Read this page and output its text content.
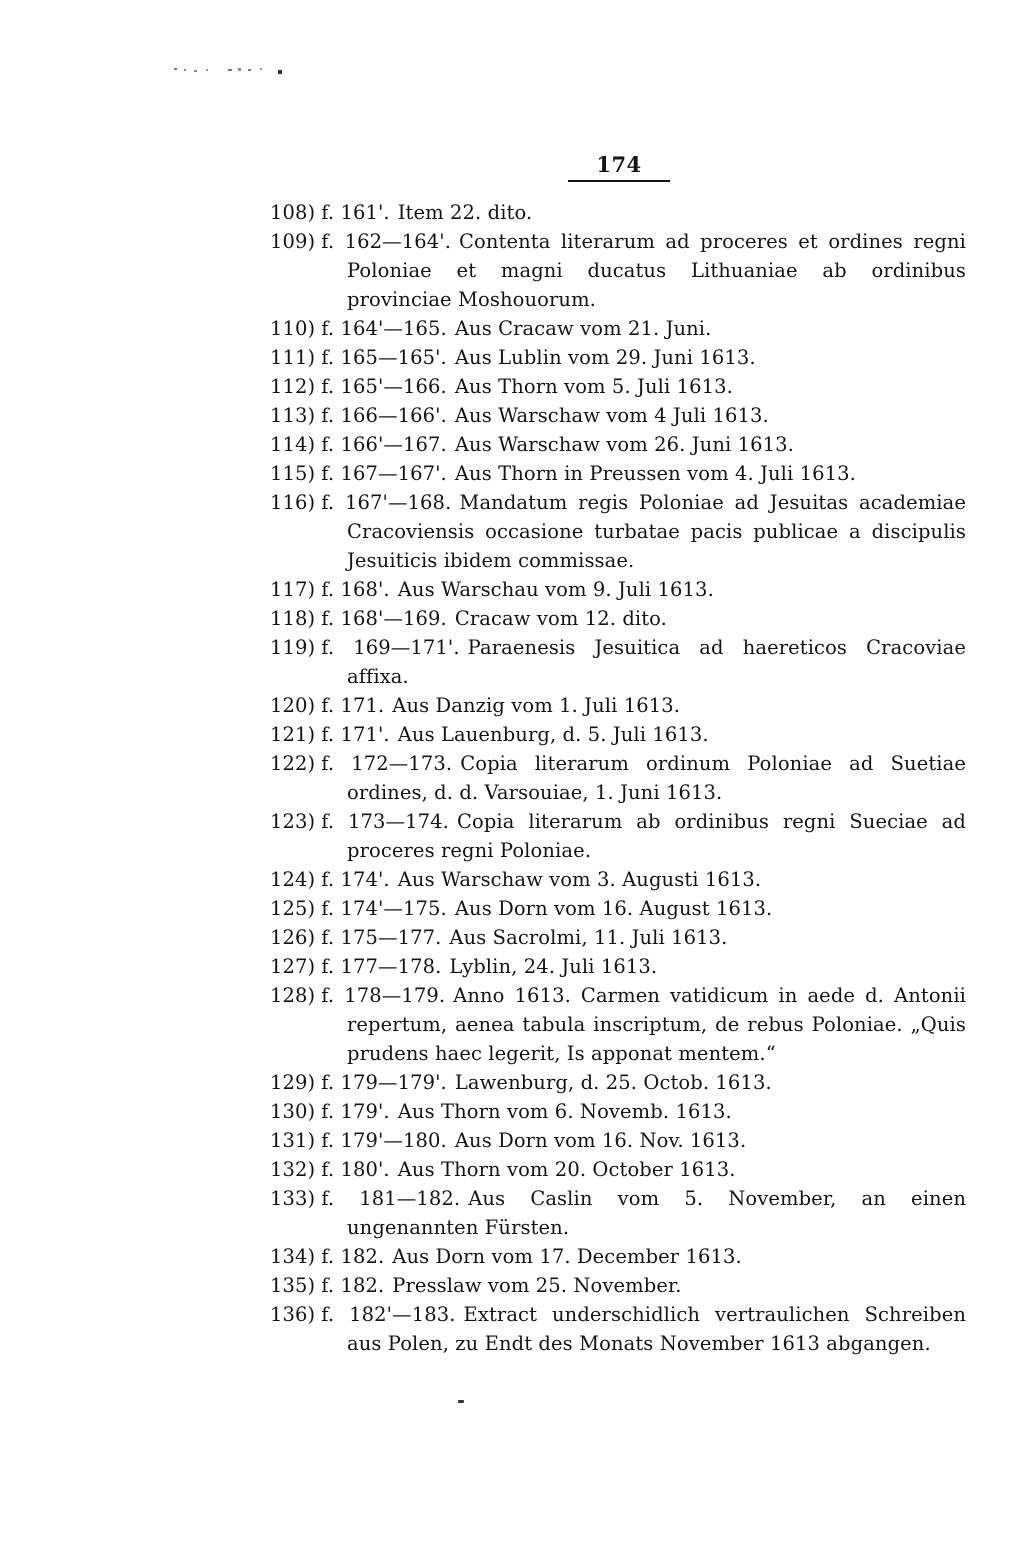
174
108) f. 161'. Item 22. dito.
109) f. 162—164'. Contenta literarum ad proceres et ordines regni Poloniae et magni ducatus Lithuaniae ab ordinibus provinciae Moshouorum.
110) f. 164'—165. Aus Cracaw vom 21. Juni.
111) f. 165—165'. Aus Lublin vom 29. Juni 1613.
112) f. 165'—166. Aus Thorn vom 5. Juli 1613.
113) f. 166—166'. Aus Warschaw vom 4 Juli 1613.
114) f. 166'—167. Aus Warschaw vom 26. Juni 1613.
115) f. 167—167'. Aus Thorn in Preussen vom 4. Juli 1613.
116) f. 167'—168. Mandatum regis Poloniae ad Jesuitas academiae Cracoviensis occasione turbatae pacis publicae a discipulis Jesuiticis ibidem commissae.
117) f. 168'. Aus Warschau vom 9. Juli 1613.
118) f. 168'—169. Cracaw vom 12. dito.
119) f. 169—171'. Paraenesis Jesuitica ad haereticos Cracoviae affixa.
120) f. 171. Aus Danzig vom 1. Juli 1613.
121) f. 171'. Aus Lauenburg, d. 5. Juli 1613.
122) f. 172—173. Copia literarum ordinum Poloniae ad Suetiae ordines, d. d. Varsouiae, 1. Juni 1613.
123) f. 173—174. Copia literarum ab ordinibus regni Sueciae ad proceres regni Poloniae.
124) f. 174'. Aus Warschaw vom 3. Augusti 1613.
125) f. 174'—175. Aus Dorn vom 16. August 1613.
126) f. 175—177. Aus Sacrolmi, 11. Juli 1613.
127) f. 177—178. Lyblin, 24. Juli 1613.
128) f. 178—179. Anno 1613. Carmen vatidicum in aede d. Antonii repertum, aenea tabula inscriptum, de rebus Poloniae. „Quis prudens haec legerit, Is apponat mentem.“
129) f. 179—179'. Lawenburg, d. 25. Octob. 1613.
130) f. 179'. Aus Thorn vom 6. Novemb. 1613.
131) f. 179'—180. Aus Dorn vom 16. Nov. 1613.
132) f. 180'. Aus Thorn vom 20. October 1613.
133) f. 181—182. Aus Caslin vom 5. November, an einen ungenannten Fürsten.
134) f. 182. Aus Dorn vom 17. December 1613.
135) f. 182. Presslaw vom 25. November.
136) f. 182'—183. Extract underschidlich vertraulichen Schreiben aus Polen, zu Endt des Monats November 1613 abgangen.
